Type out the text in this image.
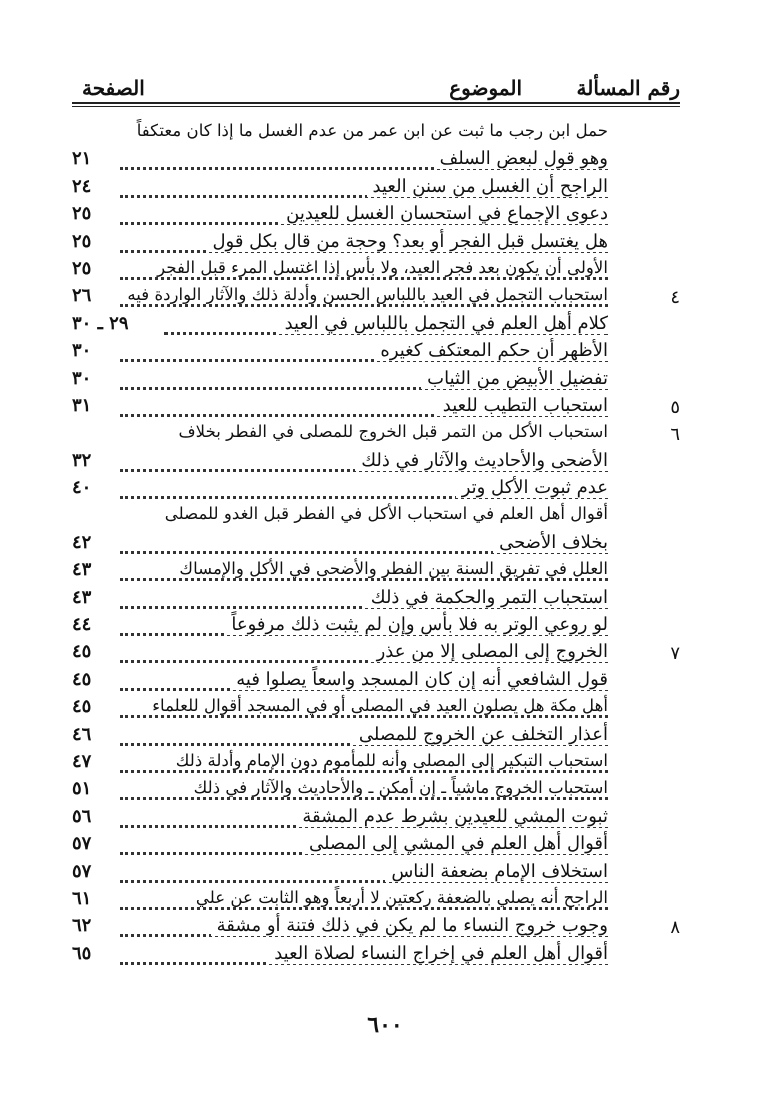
رقم المسألة
الموضوع
الصفحة
حمل ابن رجب ما ثبت عن ابن عمر من عدم الغسل ما إذا كان معتكفاً
وهو قول لبعض السلف
٢١
الراجح أن الغسل من سنن العيد
٢٤
دعوى الإجماع في استحسان الغسل للعيدين
٢٥
هل يغتسل قبل الفجر أو بعد؟ وحجة من قال بكل قول
٢٥
الأولى أن يكون بعد فجر العيد، ولا بأس إذا اغتسل المرء قبل الفجر
٢٥
٤
استحباب التجمل في العيد باللباس الحسن وأدلة ذلك والآثار الواردة فيه
٢٦
كلام أهل العلم في التجمل باللباس في العيد
٢٩ ـ ٣٠
الأظهر أن حكم المعتكف كغيره
٣٠
تفضيل الأبيض من الثياب
٣٠
٥
استحباب التطيب للعيد
٣١
٦
استحباب الأكل من التمر قبل الخروج للمصلى في الفطر بخلاف
الأضحى والأحاديث والآثار في ذلك
٣٢
عدم ثبوت الأكل وتر
٤٠
أقوال أهل العلم في استحباب الأكل في الفطر قبل الغدو للمصلى
بخلاف الأضحى
٤٢
العلل في تفريق السنة بين الفطر والأضحى في الأكل والإمساك
٤٣
استحباب التمر والحكمة في ذلك
٤٣
لو روعي الوتر به فلا بأس وإن لم يثبت ذلك مرفوعاً
٤٤
٧
الخروج إلى المصلى إلا من عذر
٤٥
قول الشافعي أنه إن كان المسجد واسعاً يصلوا فيه
٤٥
أهل مكة هل يصلون العيد في المصلى أو في المسجد أقوال للعلماء
٤٥
أعذار التخلف عن الخروج للمصلى
٤٦
استحباب التبكير إلى المصلى وأنه للمأموم دون الإمام وأدلة ذلك
٤٧
استحباب الخروج ماشياً ـ إن أمكن ـ والأحاديث والآثار في ذلك
٥١
ثبوت المشي للعيدين بشرط عدم المشقة
٥٦
أقوال أهل العلم في المشي إلى المصلى
٥٧
استخلاف الإمام بضعفة الناس
٥٧
الراجح أنه يصلي بالضعفة ركعتين لا أربعاً وهو الثابت عن علي
٦١
٨
وجوب خروج النساء ما لم يكن في ذلك فتنة أو مشقة
٦٢
أقوال أهل العلم في إخراج النساء لصلاة العيد
٦٥
٦٠٠
